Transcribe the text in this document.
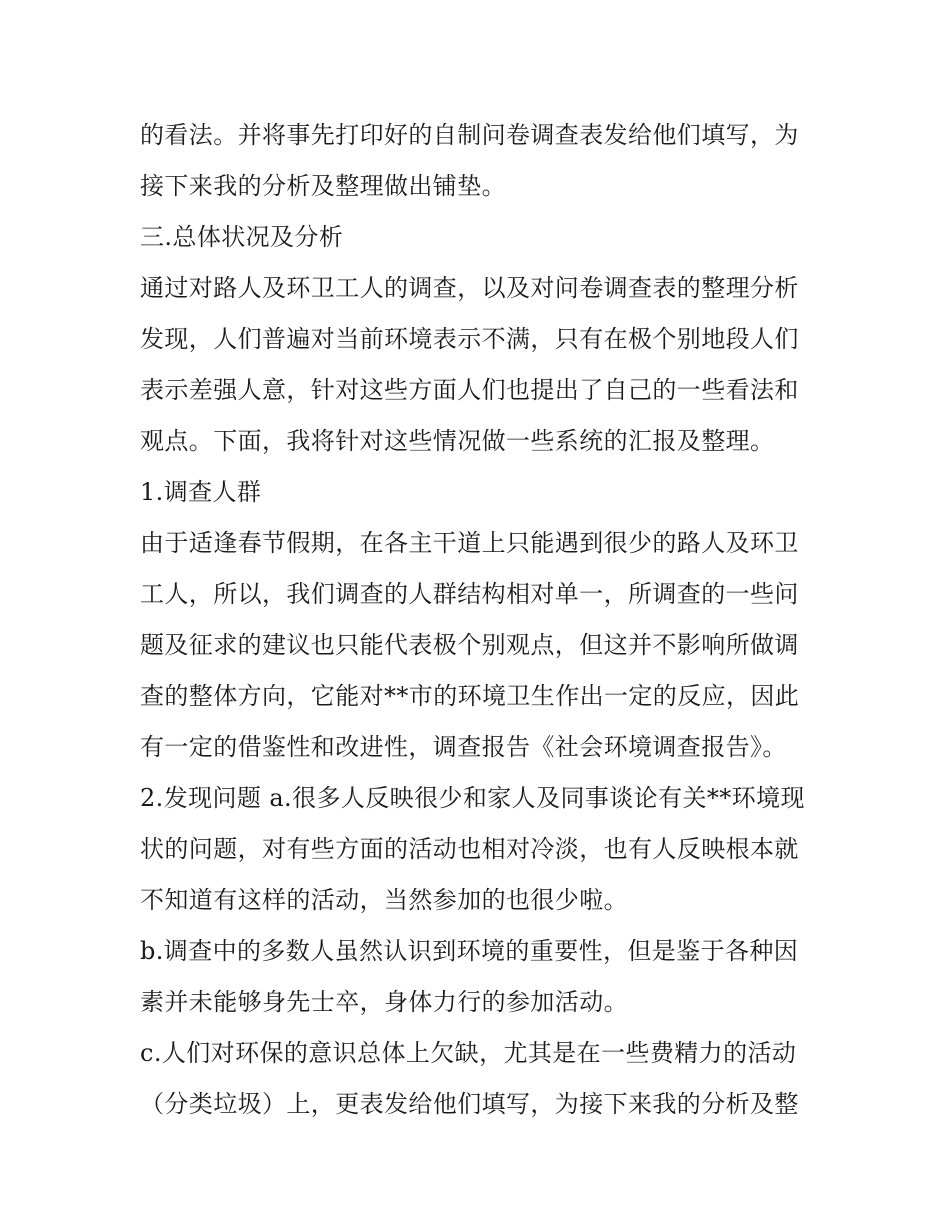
的看法。并将事先打印好的自制问卷调查表发给他们填写，为
接下来我的分析及整理做出铺垫。
三.总体状况及分析
通过对路人及环卫工人的调查，以及对问卷调查表的整理分析
发现，人们普遍对当前环境表示不满，只有在极个别地段人们
表示差强人意，针对这些方面人们也提出了自己的一些看法和
观点。下面，我将针对这些情况做一些系统的汇报及整理。
1.调查人群
由于适逢春节假期，在各主干道上只能遇到很少的路人及环卫
工人，所以，我们调查的人群结构相对单一，所调查的一些问
题及征求的建议也只能代表极个别观点，但这并不影响所做调
查的整体方向，它能对**市的环境卫生作出一定的反应，因此
有一定的借鉴性和改进性，调查报告《社会环境调查报告》。
2.发现问题 a.很多人反映很少和家人及同事谈论有关**环境现
状的问题，对有些方面的活动也相对冷淡，也有人反映根本就
不知道有这样的活动，当然参加的也很少啦。
b.调查中的多数人虽然认识到环境的重要性，但是鉴于各种因
素并未能够身先士卒，身体力行的参加活动。
c.人们对环保的意识总体上欠缺，尤其是在一些费精力的活动
（分类垃圾）上，更表发给他们填写，为接下来我的分析及整
